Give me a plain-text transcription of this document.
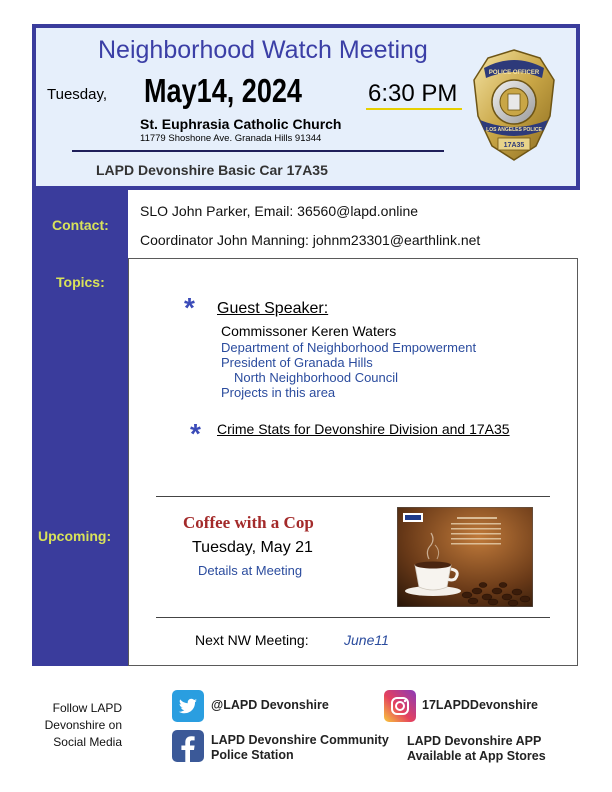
Neighborhood Watch Meeting
Tuesday, May14, 2024	6:30 PM
St. Euphrasia Catholic Church
11779 Shoshone Ave. Granada Hills 91344
LAPD Devonshire Basic Car 17A35
POLICE OFFICER
LOS ANGELES POLICE
17A35
Contact:
Topics:
Upcoming:
SLO John Parker, Email: 36560@lapd.online
Coordinator John Manning: johnm23301@earthlink.net
* Guest Speaker:
Commissoner Keren Waters
Department of Neighborhood Empowerment
President of Granada Hills
North Neighborhood Council
Projects in this area
* Crime Stats for Devonshire Division and 17A35
Coffee with a Cop
Tuesday, May 21
Details at Meeting
Next NW Meeting:	June11
Follow LAPD Devonshire on Social Media
@LAPD Devonshire	17LAPDDevonshire
LAPD Devonshire Community
Police Station
LAPD Devonshire APP
Available at App Stores
